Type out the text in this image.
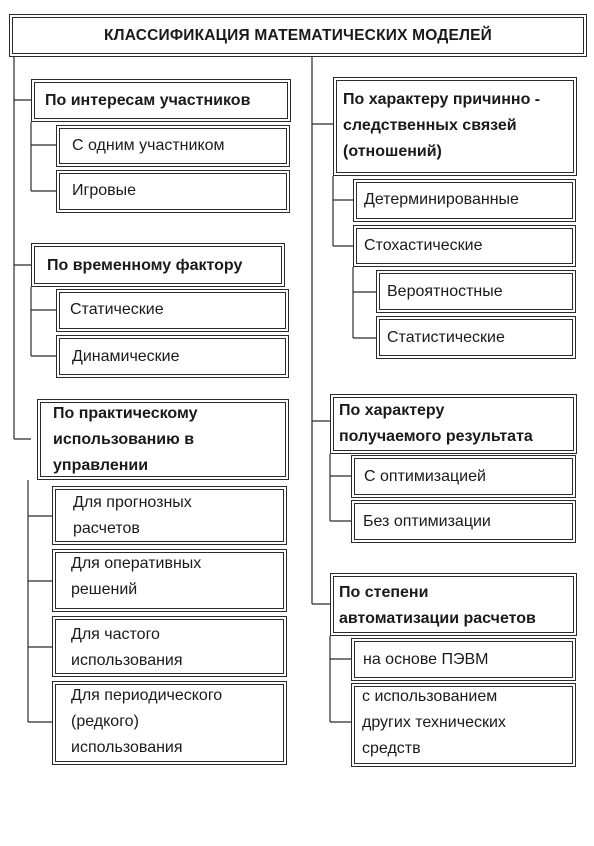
КЛАССИФИКАЦИЯ МАТЕМАТИЧЕСКИХ МОДЕЛЕЙ
По интересам участников
С одним участником
Игровые
По временному фактору
Статические
Динамические
По практическому
использованию в
управлении
Для прогнозных
расчетов
Для оперативных
решений
Для частого
использования
Для периодического
(редкого)
использования
По характеру причинно -
следственных связей
(отношений)
Детерминированные
Стохастические
Вероятностные
Статистические
По характеру
получаемого результата
С оптимизацией
Без оптимизации
По степени
автоматизации расчетов
на основе ПЭВМ
с использованием
других технических
средств
